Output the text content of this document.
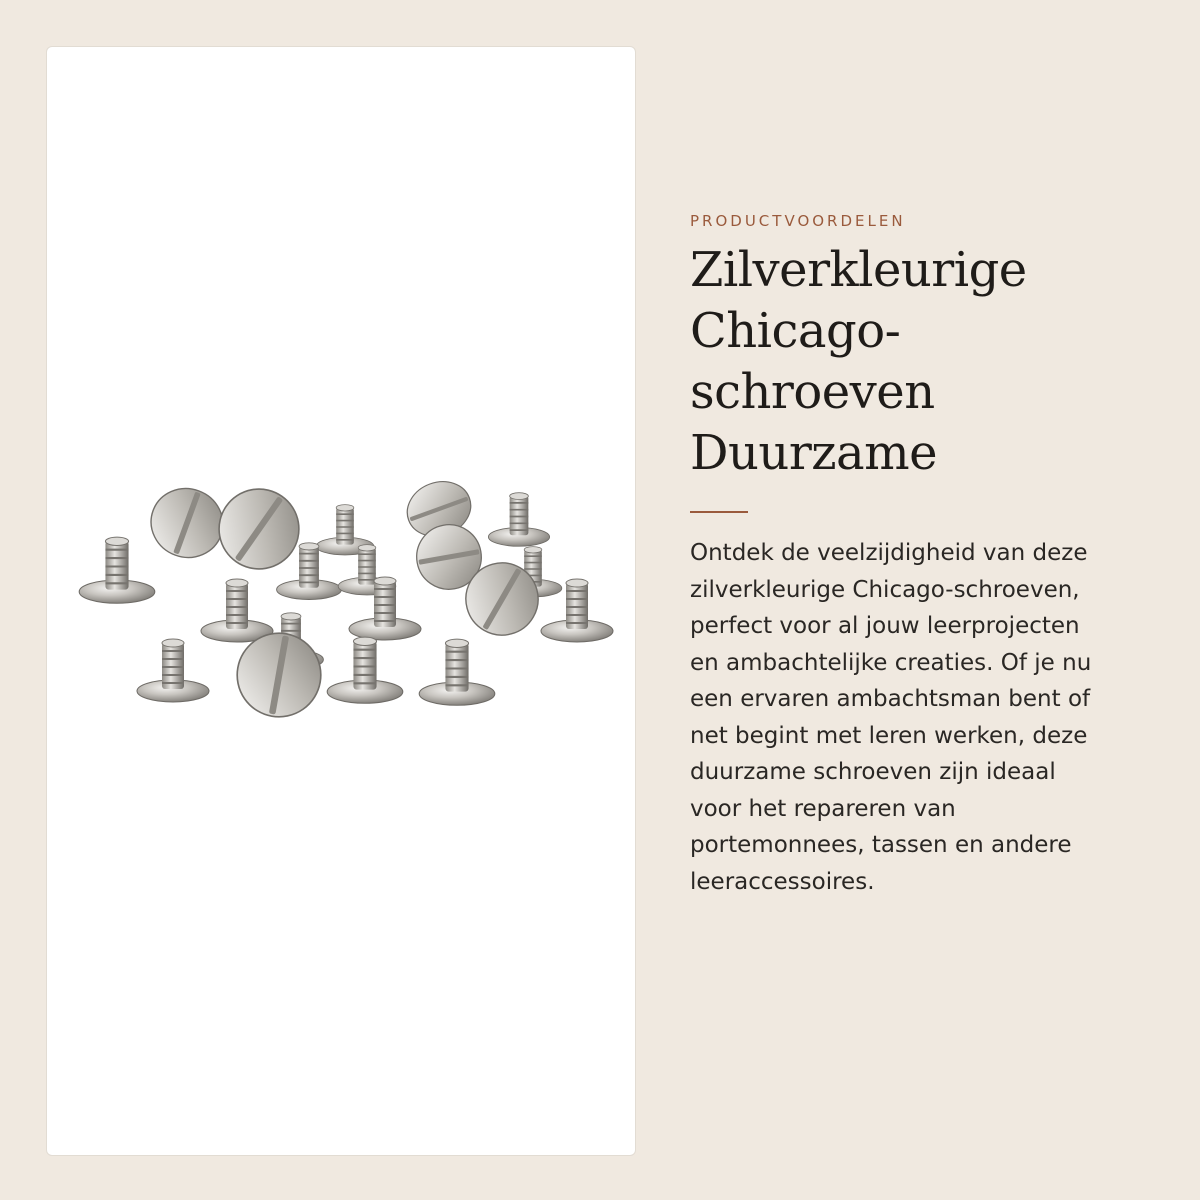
PRODUCTVOORDELEN

Zilverkleurige
Chicago-
schroeven
Duurzame

Ontdek de veelzijdigheid van deze
zilverkleurige Chicago-schroeven,
perfect voor al jouw leerprojecten
en ambachtelijke creaties. Of je nu
een ervaren ambachtsman bent of
net begint met leren werken, deze
duurzame schroeven zijn ideaal
voor het repareren van
portemonnees, tassen en andere
leeraccessoires.
